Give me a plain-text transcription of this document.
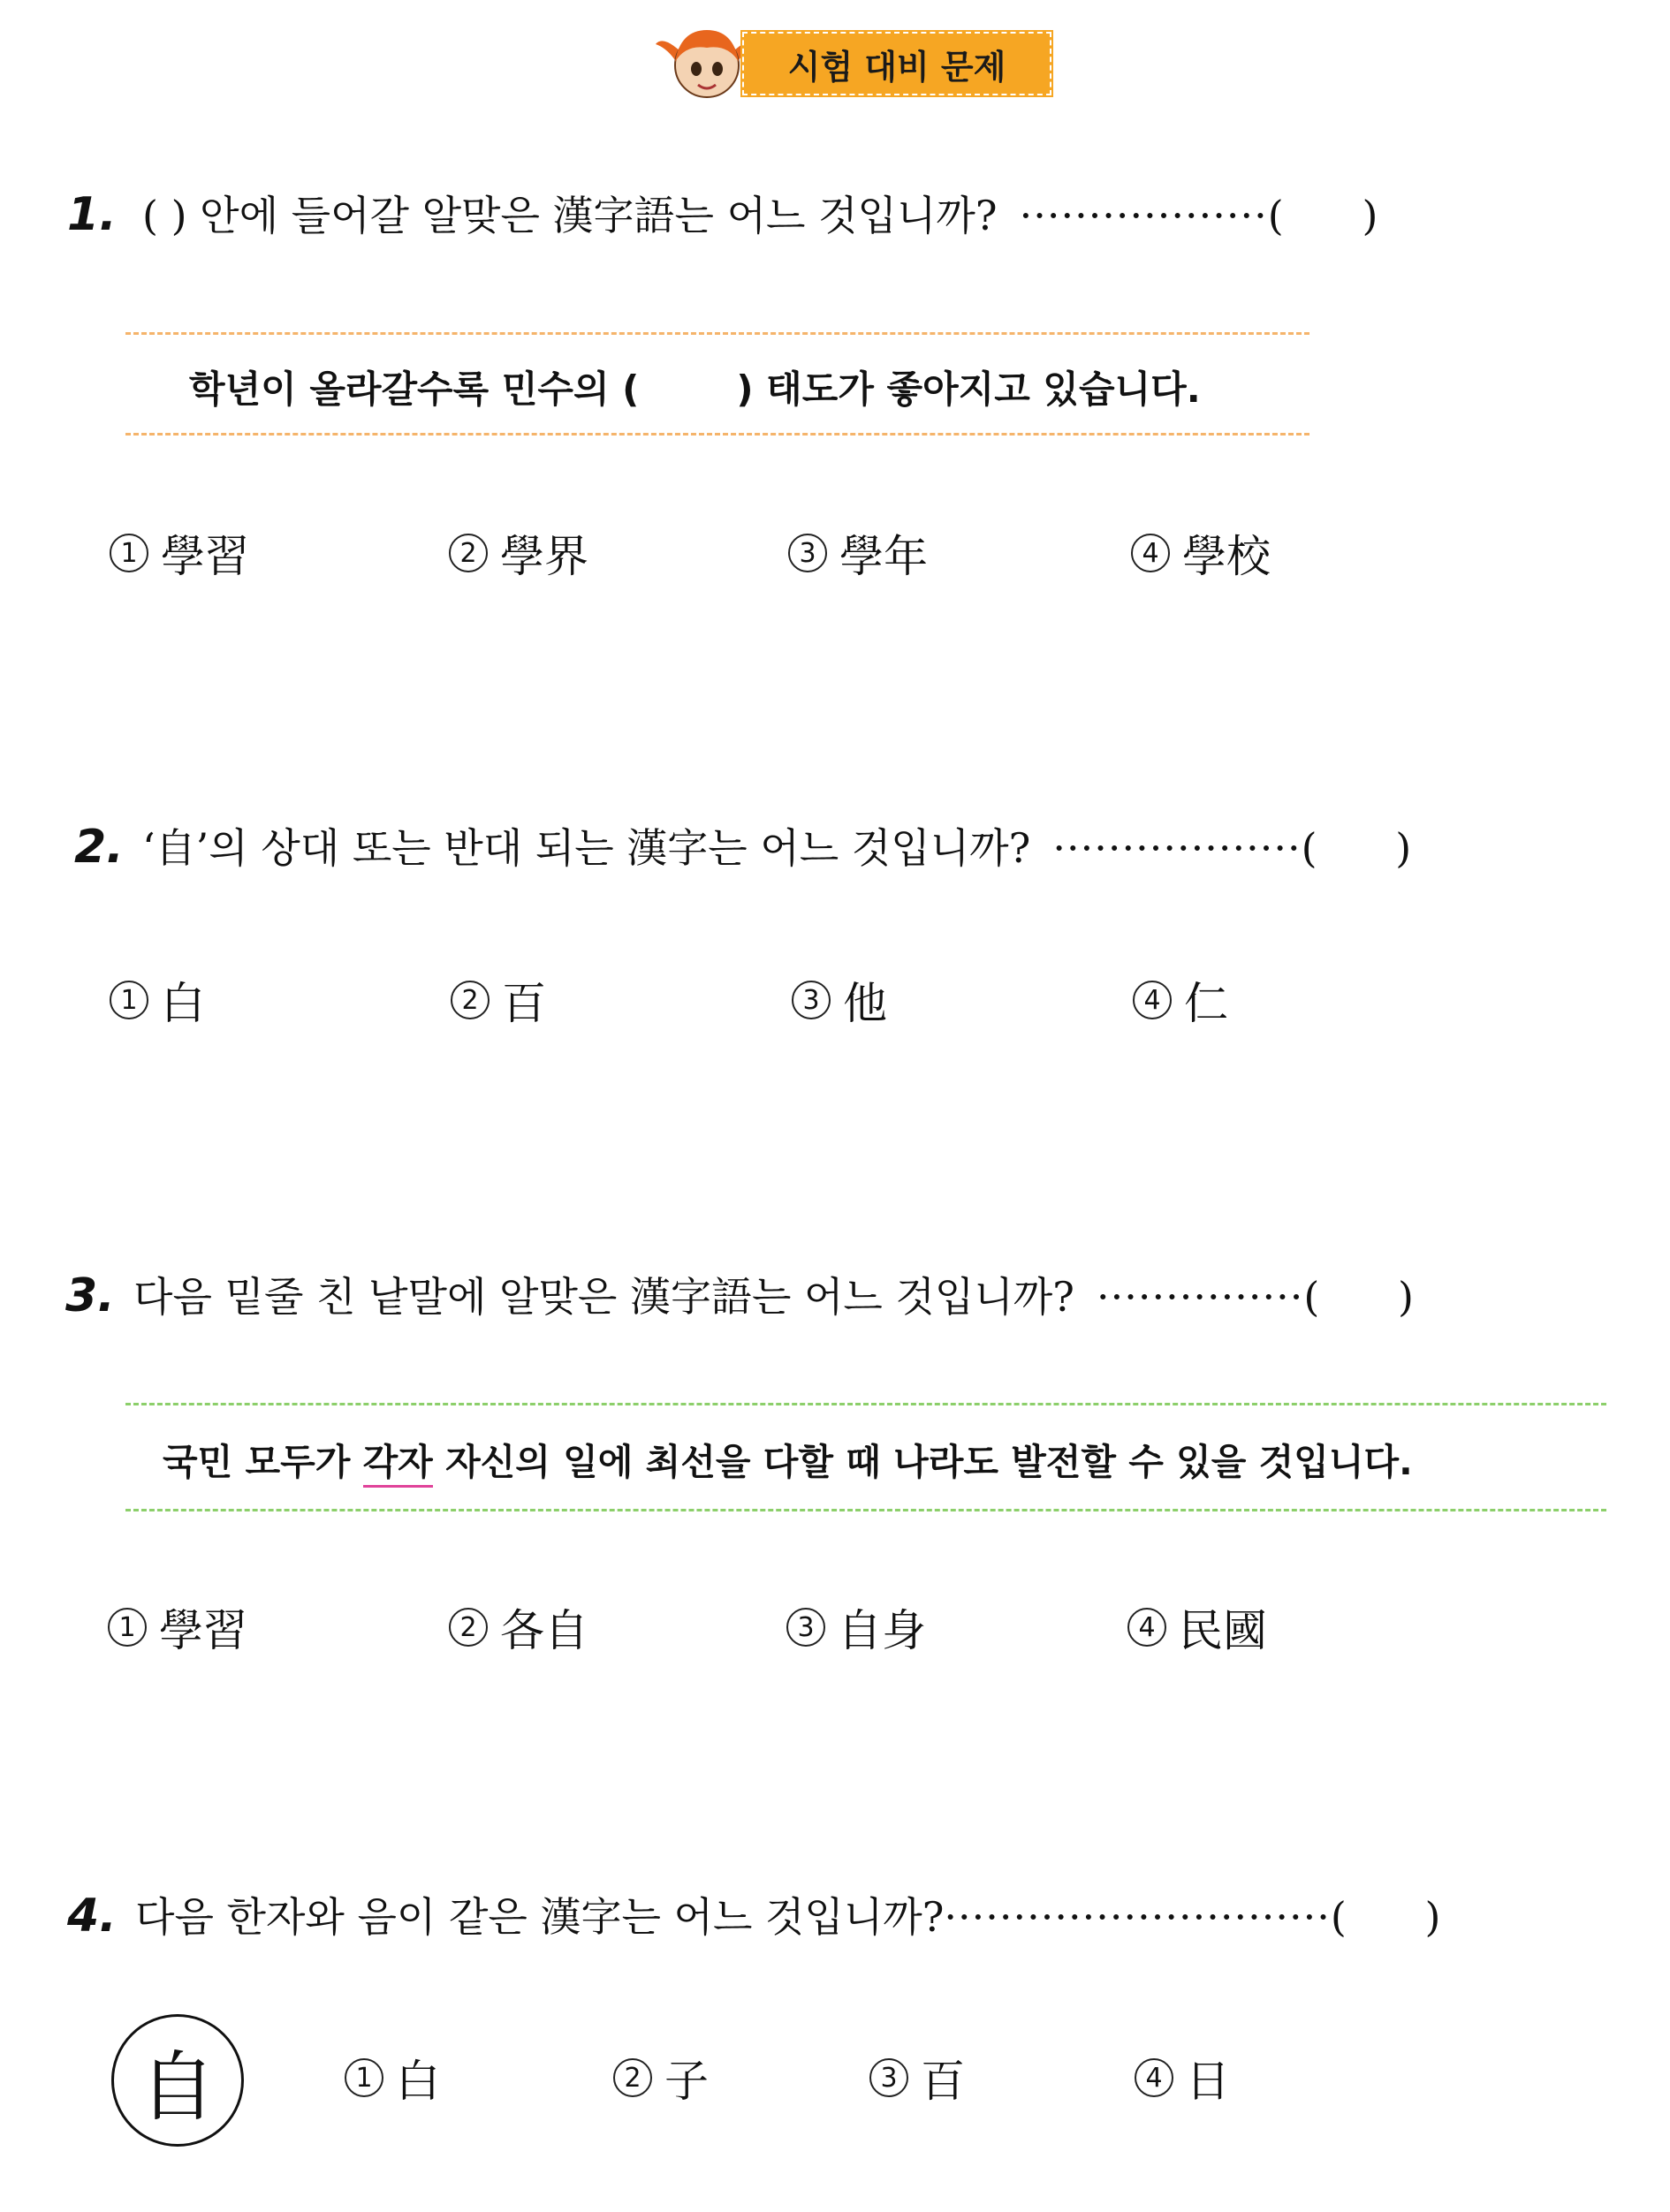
시험 대비 문제
1. ( ) 안에 들어갈 알맞은 漢字語는 어느 것입니까? ··················(      )
학년이 올라갈수록 민수의 (	) 태도가 좋아지고 있습니다.
1 學習	2 學界	3 學年	4 學校
2. ‘自’의 상대 또는 반대 되는 漢字는 어느 것입니까? ··················(      )
1 白	2 百	3 他	4 仁
3. 다음 밑줄 친 낱말에 알맞은 漢字語는 어느 것입니까? ···············(      )
국민 모두가 각자 자신의 일에 최선을 다할 때 나라도 발전할 수 있을 것입니다.
1 學習	2 各自	3 自身	4 民國
4. 다음 한자와 음이 같은 漢字는 어느 것입니까?····························(      )
自	1 白	2 子	3 百	4 日
